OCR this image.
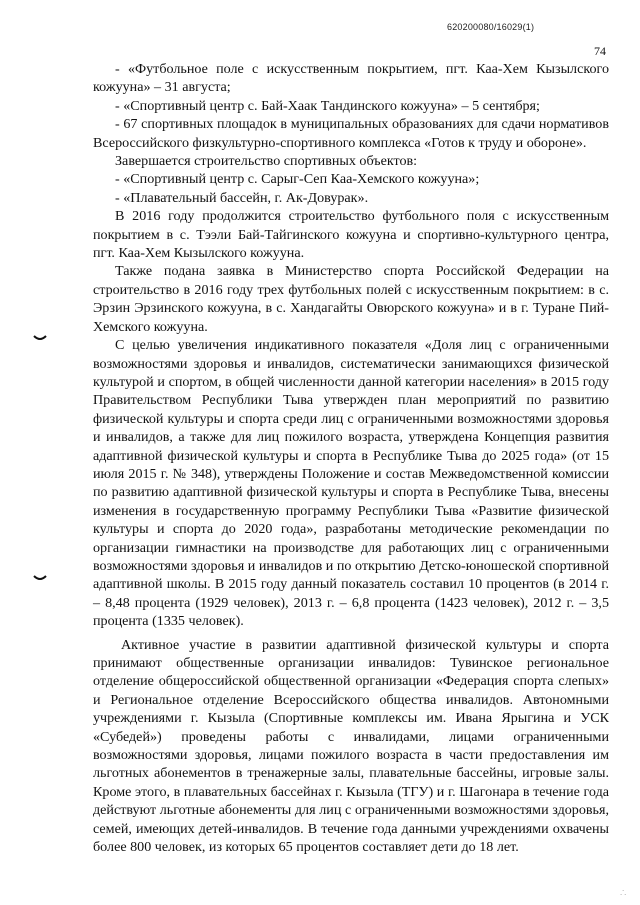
620200080/16029(1)
74

- «Футбольное поле с искусственным покрытием, пгт. Каа-Хем Кызылского кожууна» – 31 августа;

- «Спортивный центр с. Бай-Хаак Тандинского кожууна» – 5 сентября;

- 67 спортивных площадок в муниципальных образованиях для сдачи нормативов Всероссийского физкультурно-спортивного комплекса «Готов к труду и обороне».

Завершается строительство спортивных объектов:

- «Спортивный центр с. Сарыг-Сеп Каа-Хемского кожууна»;

- «Плавательный бассейн, г. Ак-Довурак».

В 2016 году продолжится строительство футбольного поля с искусственным покрытием в с. Тээли Бай-Тайгинского кожууна и спортивно-культурного центра, пгт. Каа-Хем Кызылского кожууна.

Также подана заявка в Министерство спорта Российской Федерации на строительство в 2016 году трех футбольных полей с искусственным покрытием: в с. Эрзин Эрзинского кожууна, в с. Хандагайты Овюрского кожууна» и в г. Туране Пий-Хемского кожууна.

С целью увеличения индикативного показателя «Доля лиц с ограниченными возможностями здоровья и инвалидов, систематически занимающихся физической культурой и спортом, в общей численности данной категории населения» в 2015 году Правительством Республики Тыва утвержден план мероприятий по развитию физической культуры и спорта среди лиц с ограниченными возможностями здоровья и инвалидов, а также для лиц пожилого возраста, утверждена Концепция развития адаптивной физической культуры и спорта в Республике Тыва до 2025 года» (от 15 июля 2015 г. № 348), утверждены Положение и состав Межведомственной комиссии по развитию адаптивной физической культуры и спорта в Республике Тыва, внесены изменения в государственную программу Республики Тыва «Развитие физической культуры и спорта до 2020 года», разработаны методические рекомендации по организации гимнастики на производстве для работающих лиц с ограниченными возможностями здоровья и инвалидов и по открытию Детско-юношеской спортивной адаптивной школы. В 2015 году данный показатель составил 10 процентов (в 2014 г. – 8,48 процента (1929 человек), 2013 г. – 6,8 процента (1423 человек), 2012 г. – 3,5 процента (1335 человек).

Активное участие в развитии адаптивной физической культуры и спорта принимают общественные организации инвалидов: Тувинское региональное отделение общероссийской общественной организации «Федерация спорта слепых» и Региональное отделение Всероссийского общества инвалидов. Автономными учреждениями г. Кызыла (Спортивные комплексы им. Ивана Ярыгина и УСК «Субедей») проведены работы с инвалидами, лицами ограниченными возможностями здоровья, лицами пожилого возраста в части предоставления им льготных абонементов в тренажерные залы, плавательные бассейны, игровые залы. Кроме этого, в плавательных бассейнах г. Кызыла (ТГУ) и г. Шагонара в течение года действуют льготные абонементы для лиц с ограниченными возможностями здоровья, семей, имеющих детей-инвалидов. В течение года данными учреждениями охвачены более 800 человек, из которых 65 процентов составляет дети до 18 лет.

∴
